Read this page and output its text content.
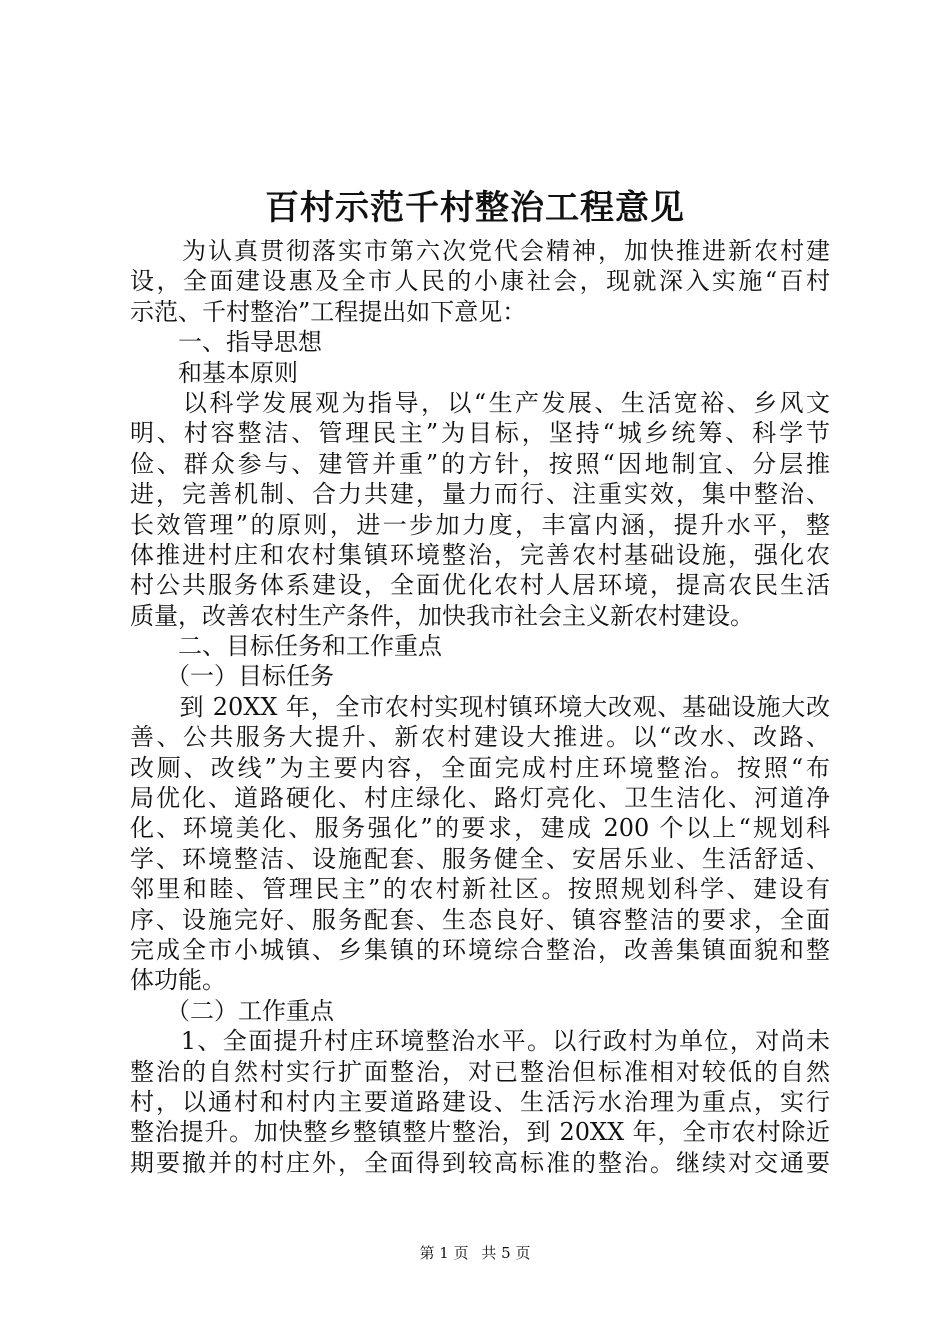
百村示范千村整治工程意见
　　为认真贯彻落实市第六次党代会精神，加快推进新农村建
设，全面建设惠及全市人民的小康社会，现就深入实施“百村
示范、千村整治”工程提出如下意见：
　　一、指导思想
　　和基本原则
　　以科学发展观为指导，以“生产发展、生活宽裕、乡风文
明、村容整洁、管理民主”为目标，坚持“城乡统筹、科学节
俭、群众参与、建管并重”的方针，按照“因地制宜、分层推
进，完善机制、合力共建，量力而行、注重实效，集中整治、
长效管理”的原则，进一步加力度，丰富内涵，提升水平，整
体推进村庄和农村集镇环境整治，完善农村基础设施，强化农
村公共服务体系建设，全面优化农村人居环境，提高农民生活
质量，改善农村生产条件，加快我市社会主义新农村建设。
　　二、目标任务和工作重点
　　（一）目标任务
　　到 20XX 年，全市农村实现村镇环境大改观、基础设施大改
善、公共服务大提升、新农村建设大推进。以“改水、改路、
改厕、改线”为主要内容，全面完成村庄环境整治。按照“布
局优化、道路硬化、村庄绿化、路灯亮化、卫生洁化、河道净
化、环境美化、服务强化”的要求，建成 200 个以上“规划科
学、环境整洁、设施配套、服务健全、安居乐业、生活舒适、
邻里和睦、管理民主”的农村新社区。按照规划科学、建设有
序、设施完好、服务配套、生态良好、镇容整洁的要求，全面
完成全市小城镇、乡集镇的环境综合整治，改善集镇面貌和整
体功能。
　　（二）工作重点
　　1、全面提升村庄环境整治水平。以行政村为单位，对尚未
整治的自然村实行扩面整治，对已整治但标准相对较低的自然
村，以通村和村内主要道路建设、生活污水治理为重点，实行
整治提升。加快整乡整镇整片整治，到 20XX 年，全市农村除近
期要撤并的村庄外，全面得到较高标准的整治。继续对交通要
第 1 页 共 5 页
